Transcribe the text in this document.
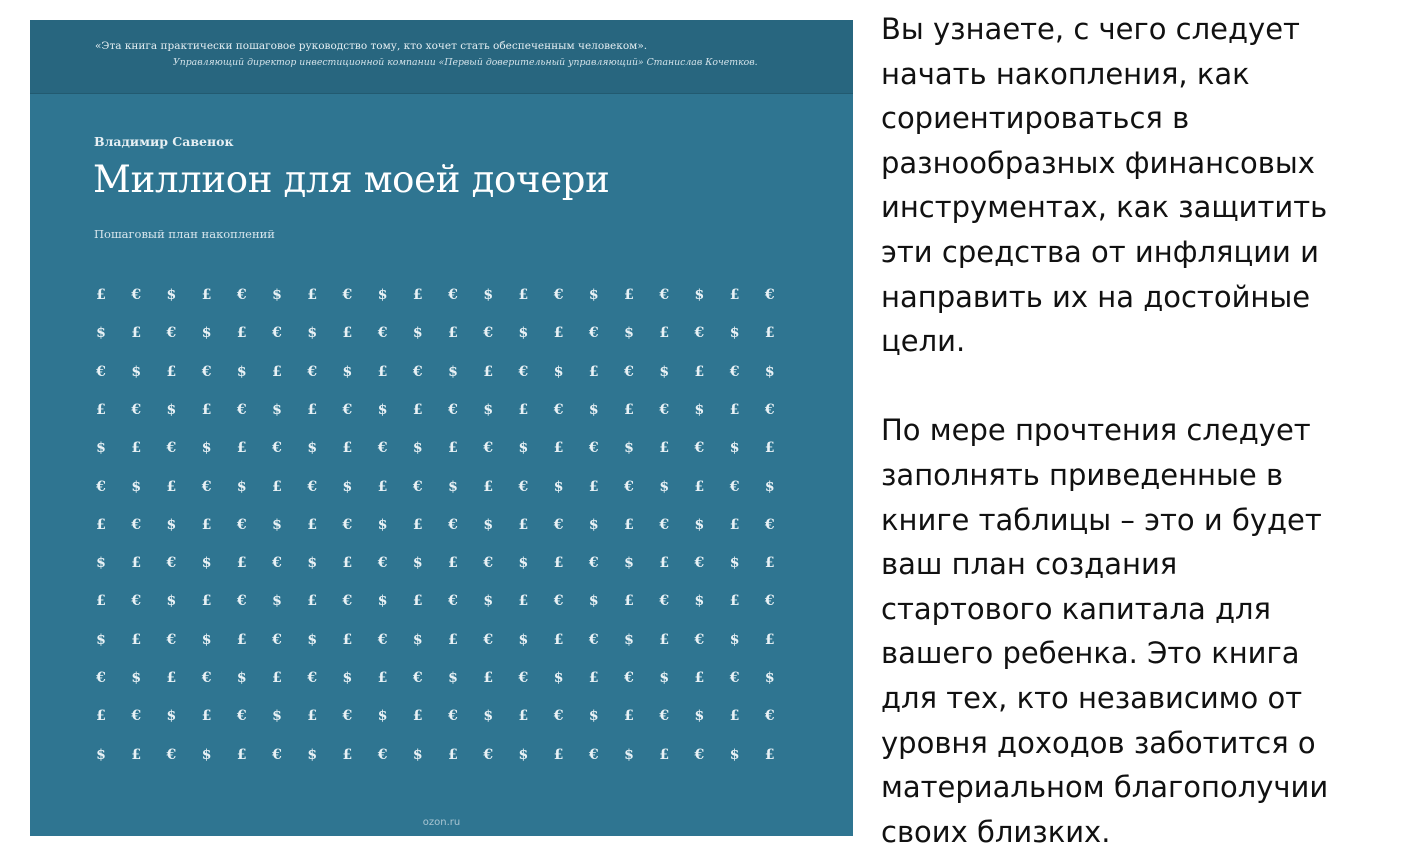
«Эта книга практически пошаговое руководство тому, кто хочет стать обеспеченным человеком».
Управляющий директор инвестиционной компании «Первый доверительный управляющий» Станислав Кочетков.
Владимир Савенок
Миллион для моей дочери
Пошаговый план накоплений
£	€	$	£	€	$	£	€	$	£	€	$	£	€	$	£	€	$	£	€
$	£	€	$	£	€	$	£	€	$	£	€	$	£	€	$	£	€	$	£
€	$	£	€	$	£	€	$	£	€	$	£	€	$	£	€	$	£	€	$
£	€	$	£	€	$	£	€	$	£	€	$	£	€	$	£	€	$	£	€
$	£	€	$	£	€	$	£	€	$	£	€	$	£	€	$	£	€	$	£
€	$	£	€	$	£	€	$	£	€	$	£	€	$	£	€	$	£	€	$
£	€	$	£	€	$	£	€	$	£	€	$	£	€	$	£	€	$	£	€
$	£	€	$	£	€	$	£	€	$	£	€	$	£	€	$	£	€	$	£
£	€	$	£	€	$	£	€	$	£	€	$	£	€	$	£	€	$	£	€
$	£	€	$	£	€	$	£	€	$	£	€	$	£	€	$	£	€	$	£
€	$	£	€	$	£	€	$	£	€	$	£	€	$	£	€	$	£	€	$
£	€	$	£	€	$	£	€	$	£	€	$	£	€	$	£	€	$	£	€
$	£	€	$	£	€	$	£	€	$	£	€	$	£	€	$	£	€	$	£
ozon.ru

Вы узнаете, с чего следует
начать накопления, как
сориентироваться в
разнообразных финансовых
инструментах, как защитить
эти средства от инфляции и
направить их на достойные
цели.

По мере прочтения следует
заполнять приведенные в
книге таблицы – это и будет
ваш план создания
стартового капитала для
вашего ребенка. Это книга
для тех, кто независимо от
уровня доходов заботится о
материальном благополучии
своих близких.
